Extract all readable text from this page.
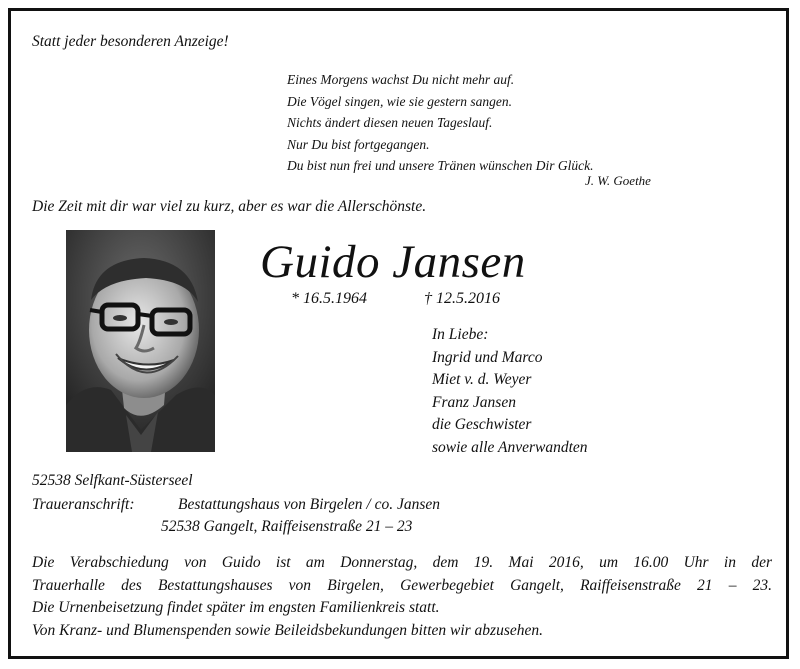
Statt jeder besonderen Anzeige!
Eines Morgens wachst Du nicht mehr auf.
Die Vögel singen, wie sie gestern sangen.
Nichts ändert diesen neuen Tageslauf.
Nur Du bist fortgegangen.
Du bist nun frei und unsere Tränen wünschen Dir Glück.
J. W. Goethe
Die Zeit mit dir war viel zu kurz, aber es war die Allerschönste.
Guido Jansen
* 16.5.1964	† 12.5.2016
In Liebe:
Ingrid und Marco
Miet v. d. Weyer
Franz Jansen
die Geschwister
sowie alle Anverwandten
52538 Selfkant-Süsterseel
Traueranschrift:	Bestattungshaus von Birgelen / co. Jansen
52538 Gangelt, Raiffeisenstraße 21 – 23
Die Verabschiedung von Guido ist am Donnerstag, dem 19. Mai 2016, um 16.00 Uhr in der
Trauerhalle des Bestattungshauses von Birgelen, Gewerbegebiet Gangelt, Raiffeisenstraße 21 – 23.
Die Urnenbeisetzung findet später im engsten Familienkreis statt.
Von Kranz- und Blumenspenden sowie Beileidsbekundungen bitten wir abzusehen.
